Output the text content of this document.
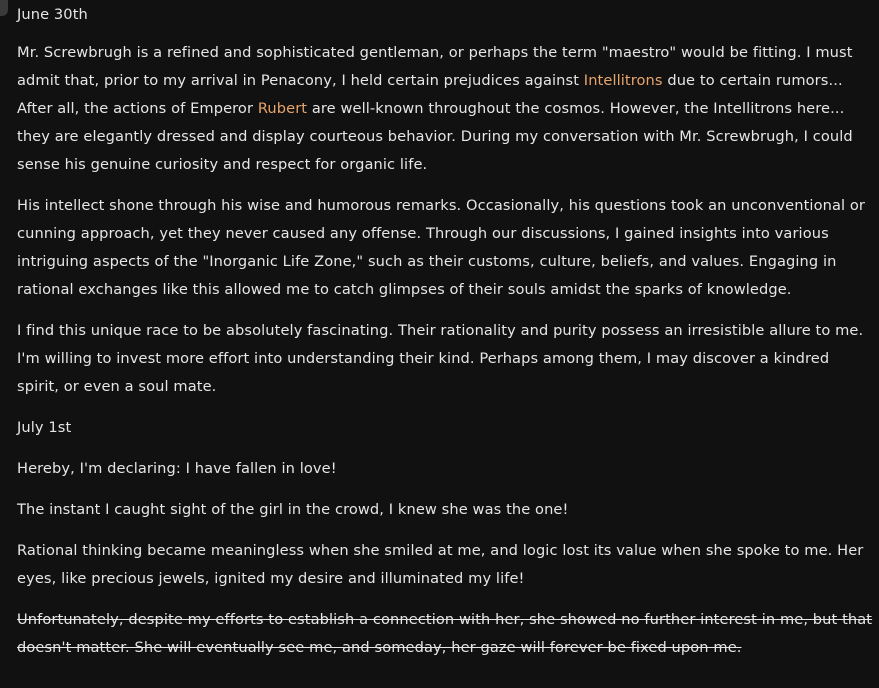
June 30th

Mr. Screwbrugh is a refined and sophisticated gentleman, or perhaps the term "maestro" would be fitting. I must admit that, prior to my arrival in Penacony, I held certain prejudices against Intellitrons due to certain rumors... After all, the actions of Emperor Rubert are well-known throughout the cosmos. However, the Intellitrons here... they are elegantly dressed and display courteous behavior. During my conversation with Mr. Screwbrugh, I could sense his genuine curiosity and respect for organic life.

His intellect shone through his wise and humorous remarks. Occasionally, his questions took an unconventional or cunning approach, yet they never caused any offense. Through our discussions, I gained insights into various intriguing aspects of the "Inorganic Life Zone," such as their customs, culture, beliefs, and values. Engaging in rational exchanges like this allowed me to catch glimpses of their souls amidst the sparks of knowledge.

I find this unique race to be absolutely fascinating. Their rationality and purity possess an irresistible allure to me. I'm willing to invest more effort into understanding their kind. Perhaps among them, I may discover a kindred spirit, or even a soul mate.

July 1st

Hereby, I'm declaring: I have fallen in love!

The instant I caught sight of the girl in the crowd, I knew she was the one!

Rational thinking became meaningless when she smiled at me, and logic lost its value when she spoke to me. Her eyes, like precious jewels, ignited my desire and illuminated my life!

Unfortunately, despite my efforts to establish a connection with her, she showed no further interest in me, but that doesn't matter. She will eventually see me, and someday, her gaze will forever be fixed upon me.
